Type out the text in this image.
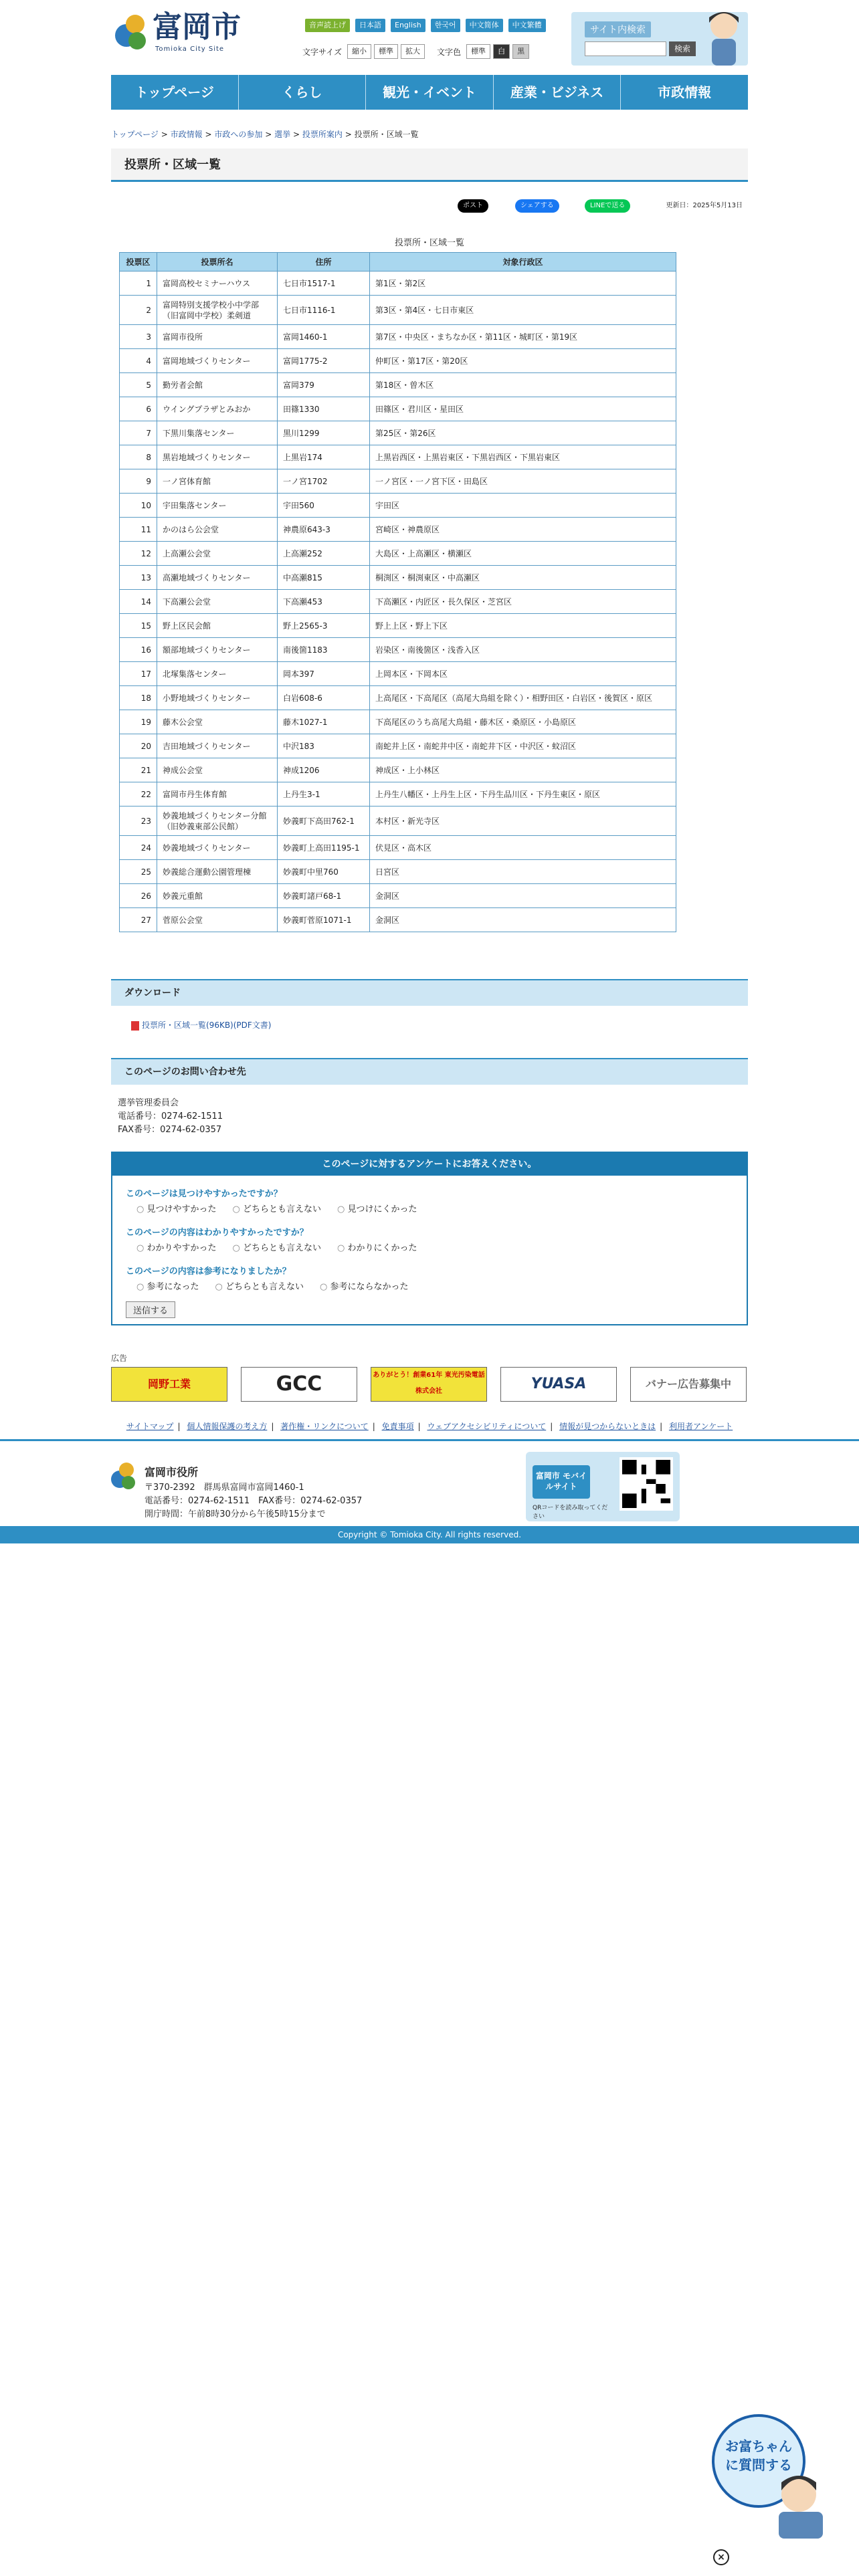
富岡市
Tomioka City Site
音声読上げ	日本語	English	한국어	中文简体	中文繁體
文字サイズ	縮小	標準	拡大	文字色	標準	白	黒
サイト内検索
検索
トップページ	くらし	観光・イベント	産業・ビジネス	市政情報
トップページ > 市政情報 > 市政への参加 > 選挙 > 投票所案内 > 投票所・区域一覧
投票所・区域一覧
ポスト	シェアする	LINEで送る	更新日：2025年5月13日
投票所・区域一覧
投票区	投票所名	住所	対象行政区
1	富岡高校セミナーハウス	七日市1517-1	第1区・第2区
2	富岡特別支援学校小中学部（旧富岡中学校）柔剣道	七日市1116-1	第3区・第4区・七日市東区
3	富岡市役所	富岡1460-1	第7区・中央区・まちなか区・第11区・城町区・第19区
4	富岡地域づくりセンター	富岡1775-2	仲町区・第17区・第20区
5	勤労者会館	富岡379	第18区・曽木区
6	ウイングプラザとみおか	田篠1330	田篠区・君川区・星田区
7	下黒川集落センター	黒川1299	第25区・第26区
8	黒岩地域づくりセンター	上黒岩174	上黒岩西区・上黒岩東区・下黒岩西区・下黒岩東区
9	一ノ宮体育館	一ノ宮1702	一ノ宮区・一ノ宮下区・田島区
10	宇田集落センター	宇田560	宇田区
11	かのはら公会堂	神農原643-3	宮崎区・神農原区
12	上高瀬公会堂	上高瀬252	大島区・上高瀬区・横瀬区
13	高瀬地域づくりセンター	中高瀬815	桐渕区・桐渕東区・中高瀬区
14	下高瀬公会堂	下高瀬453	下高瀬区・内匠区・長久保区・芝宮区
15	野上区民会館	野上2565-3	野上上区・野上下区
16	額部地域づくりセンター	南後箇1183	岩染区・南後箇区・浅香入区
17	北塚集落センター	岡本397	上岡本区・下岡本区
18	小野地域づくりセンター	白岩608-6	上高尾区・下高尾区（高尾大鳥組を除く）・相野田区・白岩区・後賀区・原区
19	藤木公会堂	藤木1027-1	下高尾区のうち高尾大鳥組・藤木区・桑原区・小島原区
20	吉田地域づくりセンター	中沢183	南蛇井上区・南蛇井中区・南蛇井下区・中沢区・蚊沼区
21	神成公会堂	神成1206	神成区・上小林区
22	富岡市丹生体育館	上丹生3-1	上丹生八幡区・上丹生上区・下丹生品川区・下丹生東区・原区
23	妙義地域づくりセンター分館（旧妙義東部公民館）	妙義町下高田762-1	本村区・新光寺区
24	妙義地域づくりセンター	妙義町上高田1195-1	伏見区・高木区
25	妙義総合運動公園管理棟	妙義町中里760	日宮区
26	妙義元重館	妙義町諸戸68-1	金洞区
27	菅原公会堂	妙義町菅原1071-1	金洞区
ダウンロード
投票所・区域一覧(96KB)(PDF文書)
このページのお問い合わせ先
選挙管理委員会
電話番号：0274-62-1511
FAX番号：0274-62-0357
このページに対するアンケートにお答えください。
このページは見つけやすかったですか？
○ 見つけやすかった	○ どちらとも言えない	○ 見つけにくかった
このページの内容はわかりやすかったですか？
○ わかりやすかった	○ どちらとも言えない	○ わかりにくかった
このページの内容は参考になりましたか？
○ 参考になった	○ どちらとも言えない	○ 参考にならなかった
送信する
広告
岡野工業	GCC	ありがとう！創業61年 東光汚染電話株式会社	YUASA	バナー広告募集中
サイトマップ | 個人情報保護の考え方 | 著作権・リンクについて | 免責事項 | ウェブアクセシビリティについて | 情報が見つからないときは | 利用者アンケート
富岡市役所
〒370-2392　群馬県富岡市富岡1460-1
電話番号：0274-62-1511　FAX番号：0274-62-0357
開庁時間：午前8時30分から午後5時15分まで
富岡市 モバイルサイト
QRコードを読み取ってください
Copyright © Tomioka City. All rights reserved.
お富ちゃんに質問する
×
